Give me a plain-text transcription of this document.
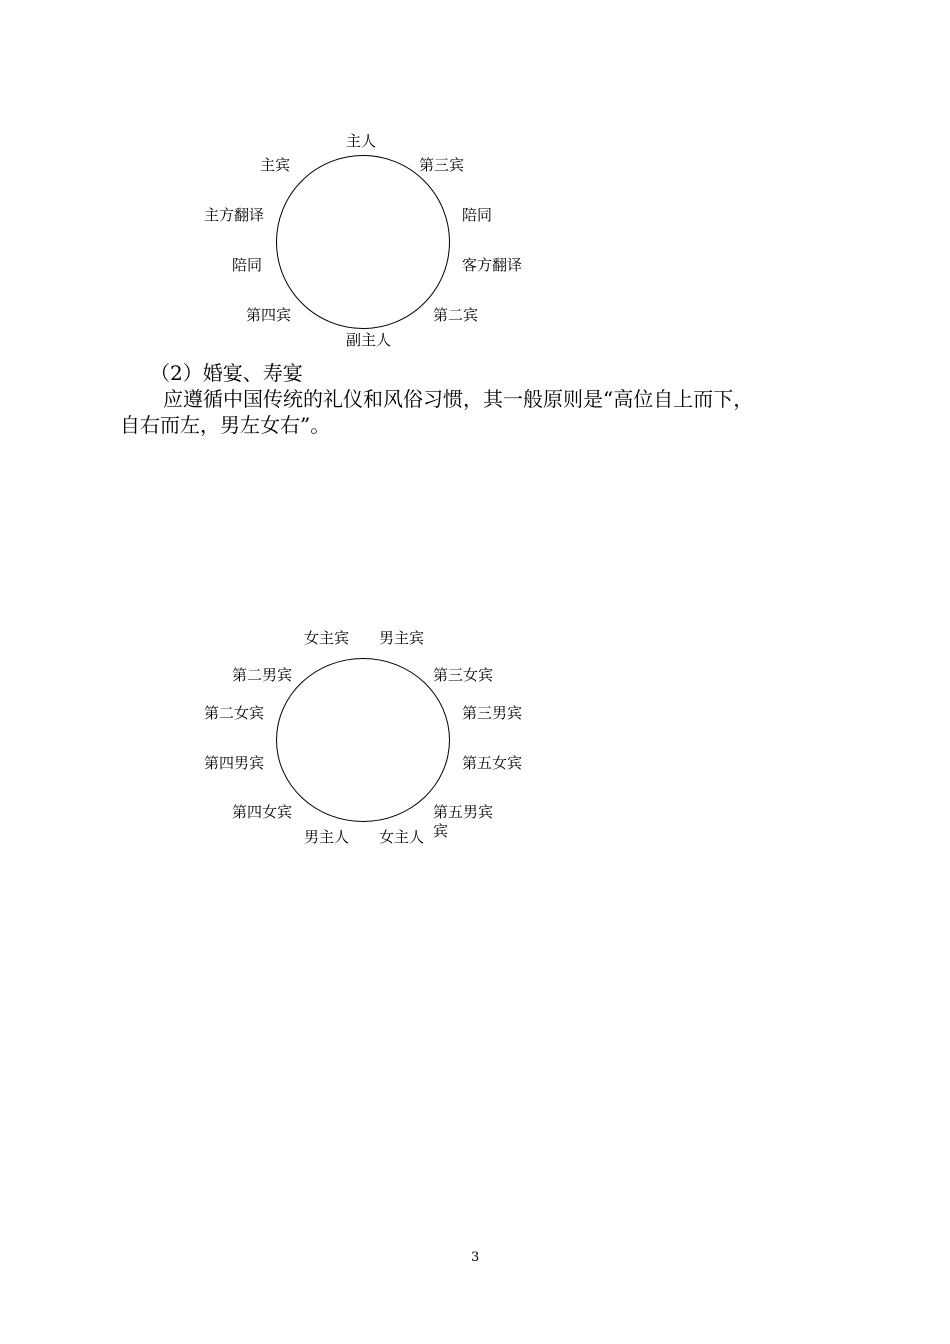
主人
主宾	第三宾
主方翻译	陪同
陪同	客方翻译
第四宾	第二宾
副主人
（2）婚宴、寿宴
应遵循中国传统的礼仪和风俗习惯，其一般原则是“高位自上而下，
自右而左，男左女右”。
女主宾 男主宾
第二男宾	第三女宾
第二女宾	第三男宾
第四男宾	第五女宾
第四女宾	第五男宾
宾
男主人 女主人
3
